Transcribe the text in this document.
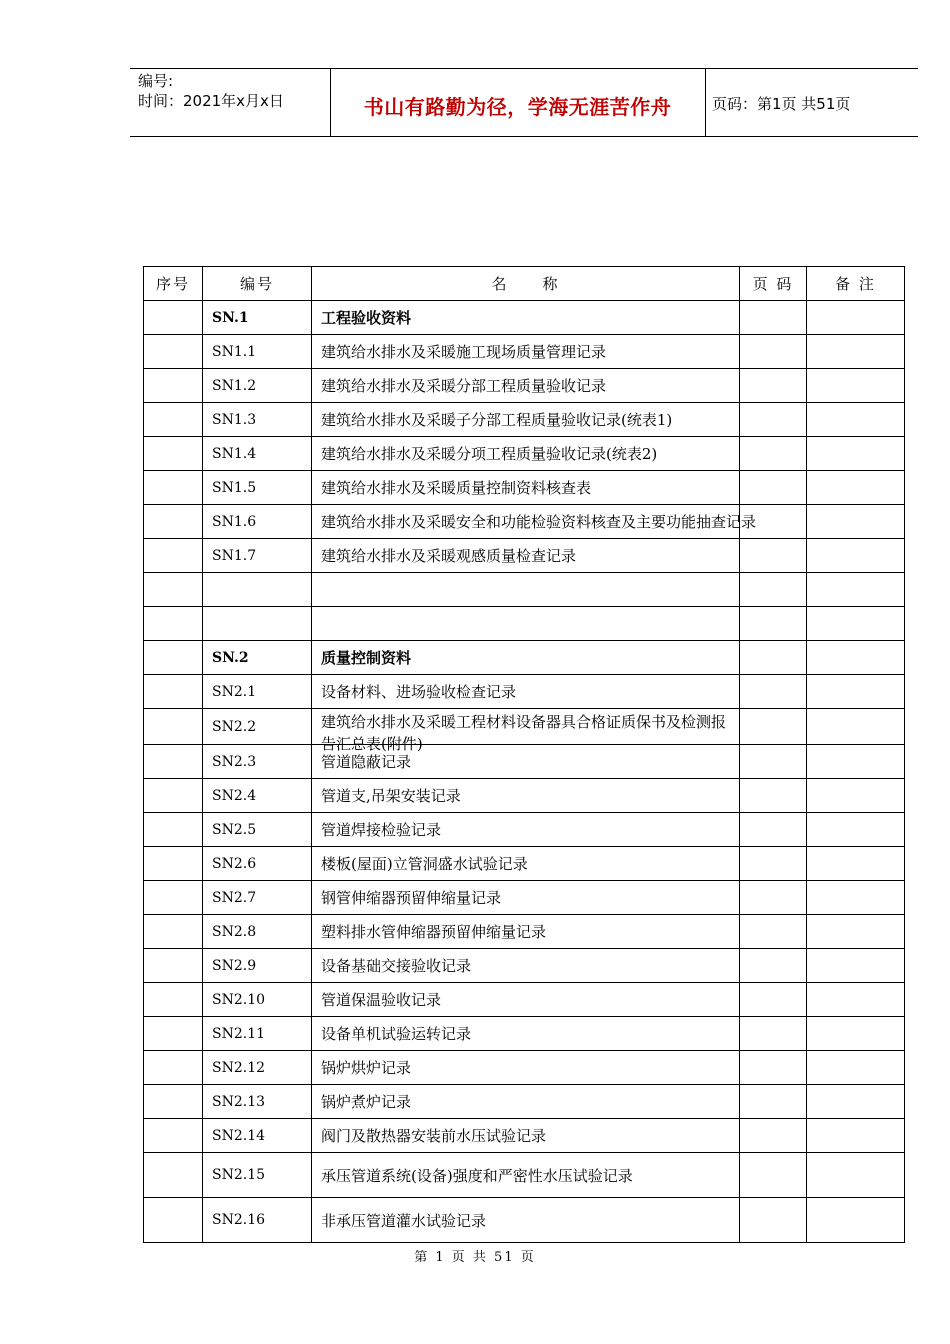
编号:
时间：2021年x月x日	书山有路勤为径，学海无涯苦作舟	页码：第1页 共51页
序号	编号	名　　称	页 码	备 注
	SN.1	工程验收资料		
	SN1.1	建筑给水排水及采暖施工现场质量管理记录		
	SN1.2	建筑给水排水及采暖分部工程质量验收记录		
	SN1.3	建筑给水排水及采暖子分部工程质量验收记录(统表1)		
	SN1.4	建筑给水排水及采暖分项工程质量验收记录(统表2)		
	SN1.5	建筑给水排水及采暖质量控制资料核查表		
	SN1.6	建筑给水排水及采暖安全和功能检验资料核查及主要功能抽查记录		
	SN1.7	建筑给水排水及采暖观感质量检查记录		

	SN.2	质量控制资料		
	SN2.1	设备材料、进场验收检查记录		
	SN2.2	建筑给水排水及采暖工程材料设备器具合格证质保书及检测报告汇总表(附件)		

	SN2.3	管道隐蔽记录		
	SN2.4	管道支,吊架安装记录		
	SN2.5	管道焊接检验记录		
	SN2.6	楼板(屋面)立管洞盛水试验记录		
	SN2.7	钢管伸缩器预留伸缩量记录		
	SN2.8	塑料排水管伸缩器预留伸缩量记录		
	SN2.9	设备基础交接验收记录		
	SN2.10	管道保温验收记录		
	SN2.11	设备单机试验运转记录		
	SN2.12	锅炉烘炉记录		
	SN2.13	锅炉煮炉记录		
	SN2.14	阀门及散热器安装前水压试验记录		
	SN2.15	承压管道系统(设备)强度和严密性水压试验记录		
	SN2.16	非承压管道灌水试验记录		
第 1 页 共 51 页
